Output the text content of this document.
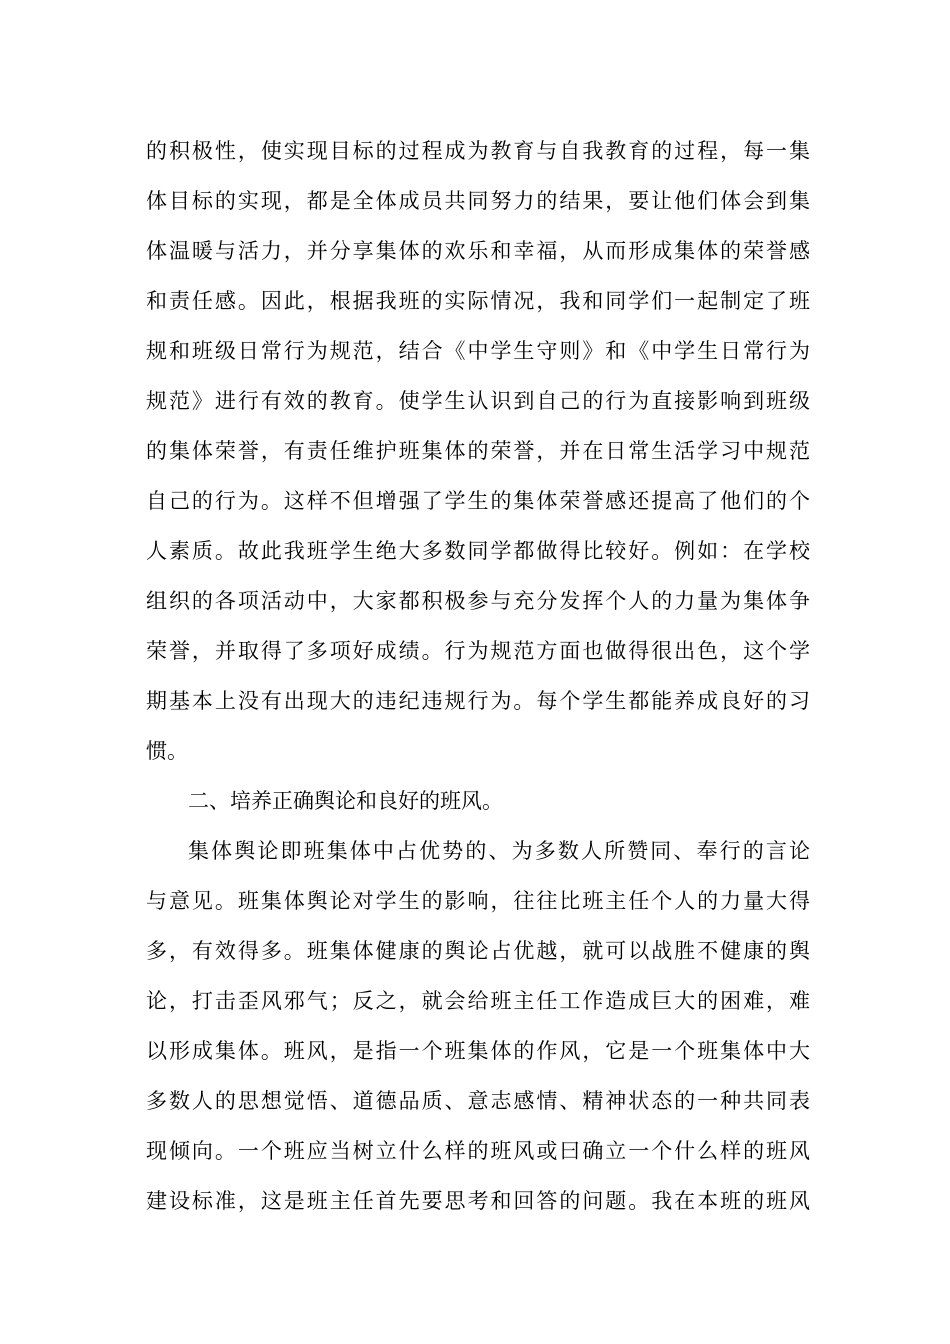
的积极性，使实现目标的过程成为教育与自我教育的过程，每一集
体目标的实现，都是全体成员共同努力的结果，要让他们体会到集
体温暖与活力，并分享集体的欢乐和幸福，从而形成集体的荣誉感
和责任感。因此，根据我班的实际情况，我和同学们一起制定了班
规和班级日常行为规范，结合《中学生守则》和《中学生日常行为
规范》进行有效的教育。使学生认识到自己的行为直接影响到班级
的集体荣誉，有责任维护班集体的荣誉，并在日常生活学习中规范
自己的行为。这样不但增强了学生的集体荣誉感还提高了他们的个
人素质。故此我班学生绝大多数同学都做得比较好。例如：在学校
组织的各项活动中，大家都积极参与充分发挥个人的力量为集体争
荣誉，并取得了多项好成绩。行为规范方面也做得很出色，这个学
期基本上没有出现大的违纪违规行为。每个学生都能养成良好的习
惯。
二、培养正确舆论和良好的班风。
集体舆论即班集体中占优势的、为多数人所赞同、奉行的言论
与意见。班集体舆论对学生的影响，往往比班主任个人的力量大得
多，有效得多。班集体健康的舆论占优越，就可以战胜不健康的舆
论，打击歪风邪气；反之，就会给班主任工作造成巨大的困难，难
以形成集体。班风，是指一个班集体的作风，它是一个班集体中大
多数人的思想觉悟、道德品质、意志感情、精神状态的一种共同表
现倾向。一个班应当树立什么样的班风或曰确立一个什么样的班风
建设标准，这是班主任首先要思考和回答的问题。我在本班的班风
